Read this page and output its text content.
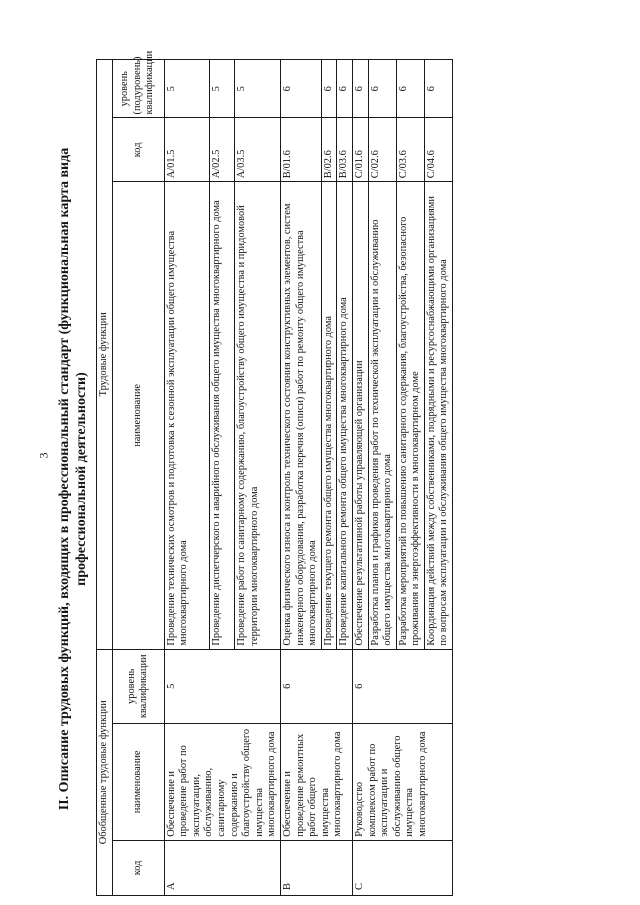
3 II. Описание трудовых функций, входящих в профессиональный стандарт (функциональная карта вида профессиональной деятельности)
Обобщенные трудовые функции			Трудовые функции		
код	наименование	уровень квалификации	наименование	код	уровень (подуровень) квалификации
A	Обеспечение и проведение работ по эксплуатации, обслуживанию, санитарному содержанию и благоустройству общего имущества многоквартирного дома	5	Проведение технических осмотров и подготовка к сезонной эксплуатации общего имущества многоквартирного дома	A/01.5	5
			Проведение диспетчерского и аварийного обслуживания общего имущества многоквартирного дома	A/02.5	5
			Проведение работ по санитарному содержанию, благоустройству общего имущества и придомовой территории многоквартирного дома	A/03.5	5
B	Обеспечение и проведение ремонтных работ общего имущества многоквартирного дома	6	Оценка физического износа и контроль технического состояния конструктивных элементов, систем инженерного оборудования, разработка перечня (описи) работ по ремонту общего имущества многоквартирного дома	B/01.6	6
			Проведение текущего ремонта общего имущества многоквартирного дома	B/02.6	6
			Проведение капитального ремонта общего имущества многоквартирного дома	B/03.6	6
C	Руководство комплексом работ по эксплуатации и обслуживанию общего имущества многоквартирного дома	6	Обеспечение результативной работы управляющей организации	C/01.6	6
			Разработка планов и графиков проведения работ по технической эксплуатации и обслуживанию общего имущества многоквартирного дома	C/02.6	6
			Разработка мероприятий по повышению санитарного содержания, благоустройства, безопасного проживания и энергоэффективности в многоквартирном доме	C/03.6	6
			Координация действий между собственниками, подрядными и ресурсоснабжающими организациями по вопросам эксплуатации и обслуживания общего имущества многоквартирного дома	C/04.6	6
